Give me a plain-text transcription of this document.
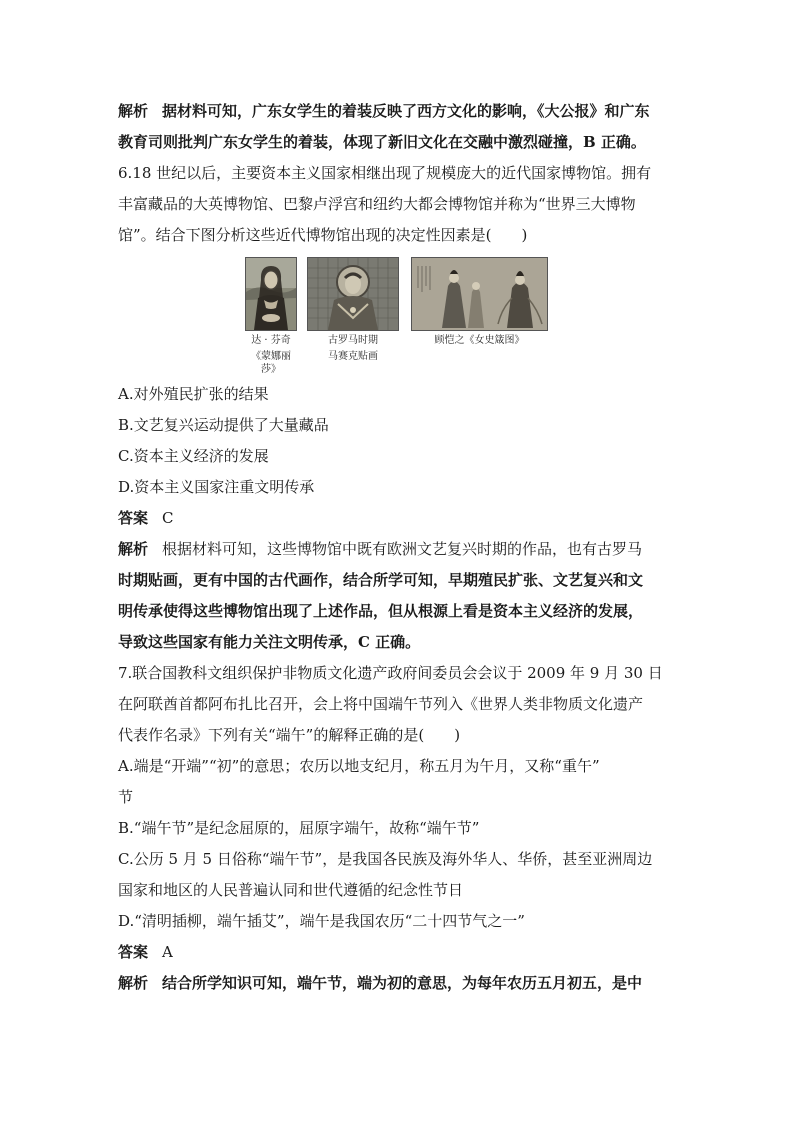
解析 据材料可知，广东女学生的着装反映了西方文化的影响，《大公报》和广东
教育司则批判广东女学生的着装，体现了新旧文化在交融中激烈碰撞，B 正确。
6.18 世纪以后，主要资本主义国家相继出现了规模庞大的近代国家博物馆。拥有
丰富藏品的大英博物馆、巴黎卢浮宫和纽约大都会博物馆并称为“世界三大博物
馆”。结合下图分析这些近代博物馆出现的决定性因素是(　　)
达 · 芬奇
《蒙娜丽莎》
古罗马时期
马赛克贴画
顾恺之《女史箴图》
A.对外殖民扩张的结果
B.文艺复兴运动提供了大量藏品
C.资本主义经济的发展
D.资本主义国家注重文明传承
答案 C
解析 根据材料可知，这些博物馆中既有欧洲文艺复兴时期的作品，也有古罗马
时期贴画，更有中国的古代画作，结合所学可知，早期殖民扩张、文艺复兴和文
明传承使得这些博物馆出现了上述作品，但从根源上看是资本主义经济的发展，
导致这些国家有能力关注文明传承，C 正确。
7.联合国教科文组织保护非物质文化遗产政府间委员会会议于 2009 年 9 月 30 日
在阿联酋首都阿布扎比召开，会上将中国端午节列入《世界人类非物质文化遗产
代表作名录》下列有关“端午”的解释正确的是(　　)
A.端是“开端”“初”的意思；农历以地支纪月，称五月为午月，又称“重午”
节
B.“端午节”是纪念屈原的，屈原字端午，故称“端午节”
C.公历 5 月 5 日俗称“端午节”，是我国各民族及海外华人、华侨，甚至亚洲周边
国家和地区的人民普遍认同和世代遵循的纪念性节日
D.“清明插柳，端午插艾”，端午是我国农历“二十四节气之一”
答案 A
解析 结合所学知识可知，端午节，端为初的意思，为每年农历五月初五，是中
